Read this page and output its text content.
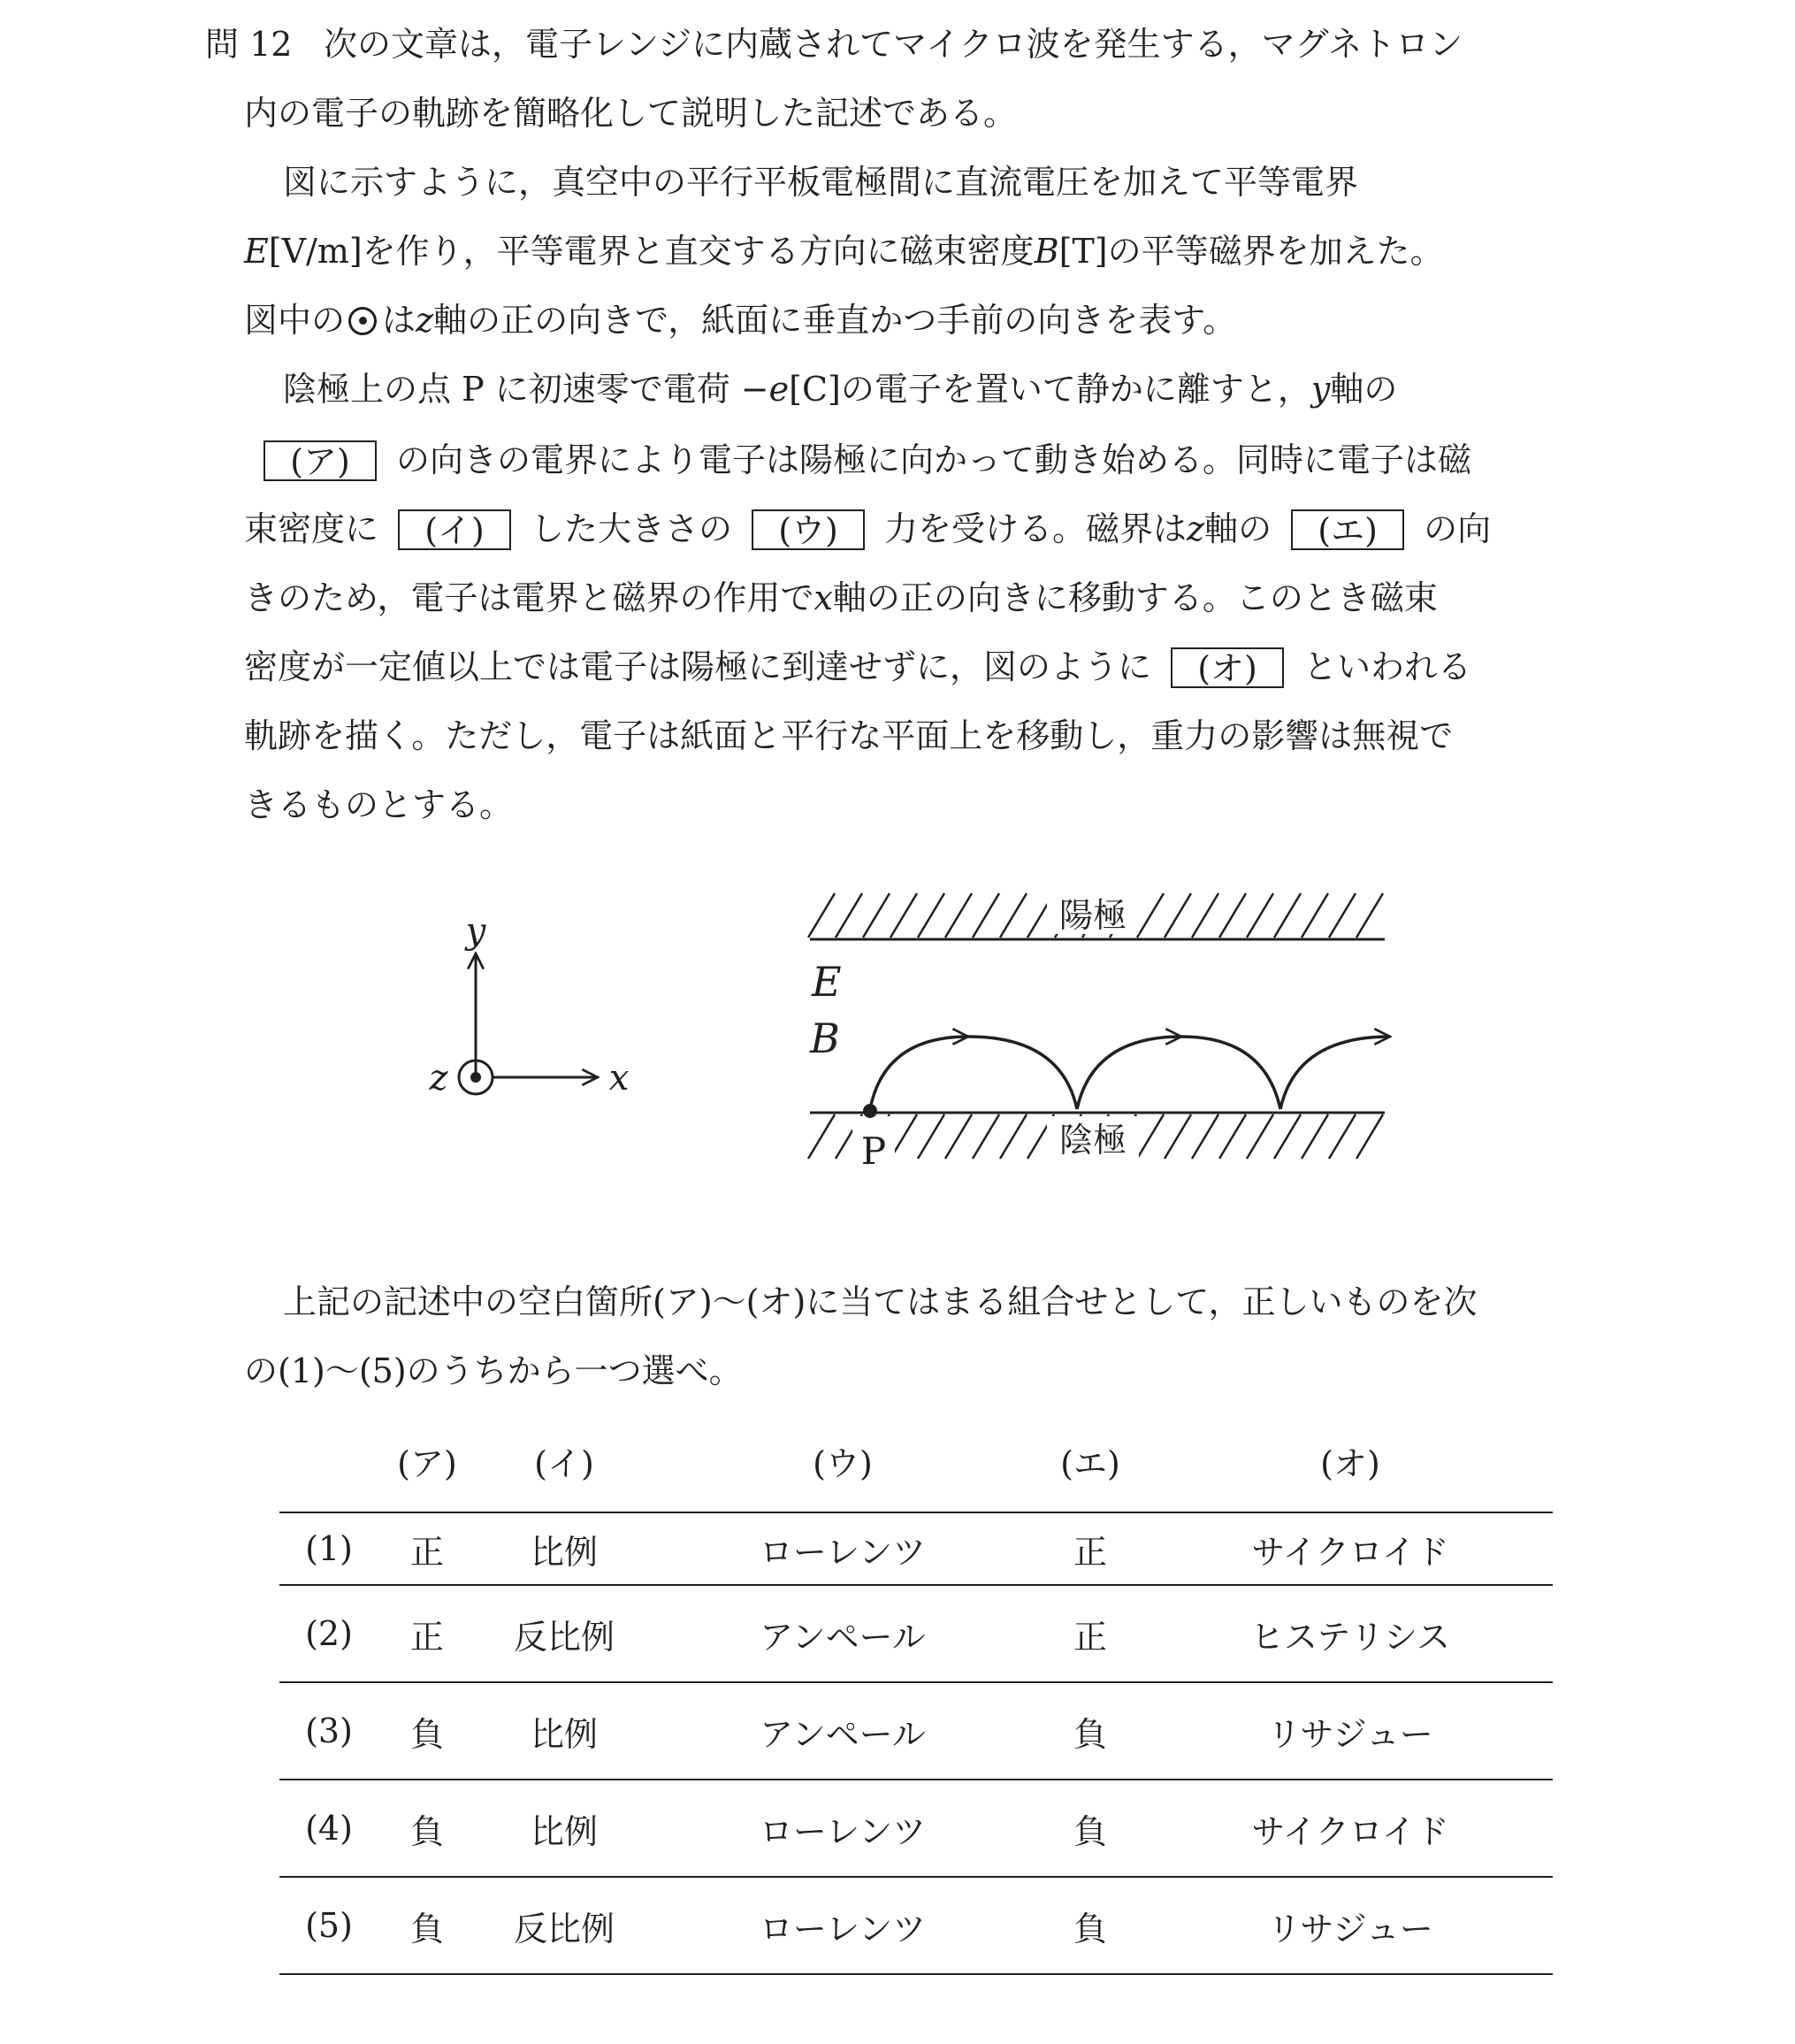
問 12 次の文章は，電子レンジに内蔵されてマイクロ波を発生する，マグネトロン
内の電子の軌跡を簡略化して説明した記述である。
図に示すように，真空中の平行平板電極間に直流電圧を加えて平等電界
E[V/m]を作り，平等電界と直交する方向に磁束密度B[T]の平等磁界を加えた。
図中の はz軸の正の向きで，紙面に垂直かつ手前の向きを表す。
陰極上の点 P に初速零で電荷 −e[C]の電子を置いて静かに離すと，y軸の
(ア) の向きの電界により電子は陽極に向かって動き始める。同時に電子は磁
束密度に (イ) した大きさの (ウ) 力を受ける。磁界はz軸の (エ) の向
きのため，電子は電界と磁界の作用でx軸の正の向きに移動する。このとき磁束
密度が一定値以上では電子は陽極に到達せずに，図のように (オ) といわれる
軌跡を描く。ただし，電子は紙面と平行な平面上を移動し，重力の影響は無視で
きるものとする。
y
x
z
陽極
陰極
P
E
B
上記の記述中の空白箇所(ア)～(オ)に当てはまる組合せとして，正しいものを次
の(1)～(5)のうちから一つ選べ。
	(ア)	(イ)	(ウ)	(エ)	(オ)
(1)	正	比例	ローレンツ	正	サイクロイド
(2)	正	反比例	アンペール	正	ヒステリシス
(3)	負	比例	アンペール	負	リサジュー
(4)	負	比例	ローレンツ	負	サイクロイド
(5)	負	反比例	ローレンツ	負	リサジュー
